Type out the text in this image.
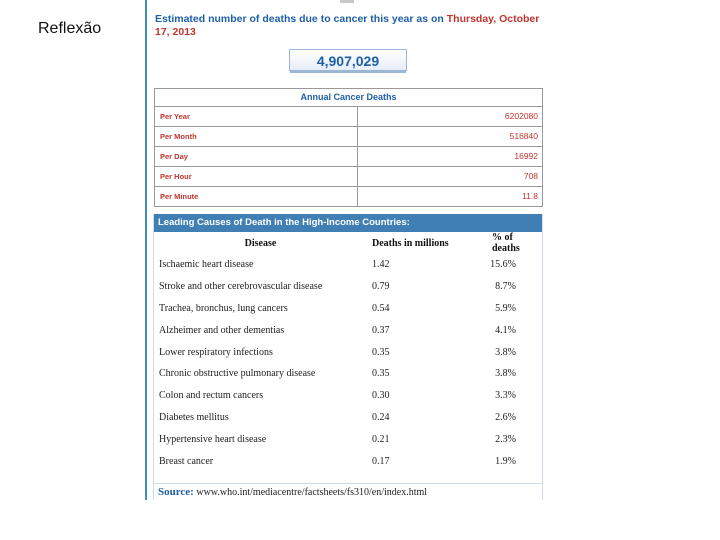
Reflexão
Estimated number of deaths due to cancer this year as on Thursday, October 17, 2013
4,907,029
Annual Cancer Deaths
Per Year	6202080
Per Month	516840
Per Day	16992
Per Hour	708
Per Minute	11.8
Leading Causes of Death in the High-Income Countries:
Disease	Deaths in millions	% of deaths
Ischaemic heart disease	1.42	15.6%
Stroke and other cerebrovascular disease	0.79	8.7%
Trachea, bronchus, lung cancers	0.54	5.9%
Alzheimer and other dementias	0.37	4.1%
Lower respiratory infections	0.35	3.8%
Chronic obstructive pulmonary disease	0.35	3.8%
Colon and rectum cancers	0.30	3.3%
Diabetes mellitus	0.24	2.6%
Hypertensive heart disease	0.21	2.3%
Breast cancer	0.17	1.9%
Source: www.who.int/mediacentre/factsheets/fs310/en/index.html
